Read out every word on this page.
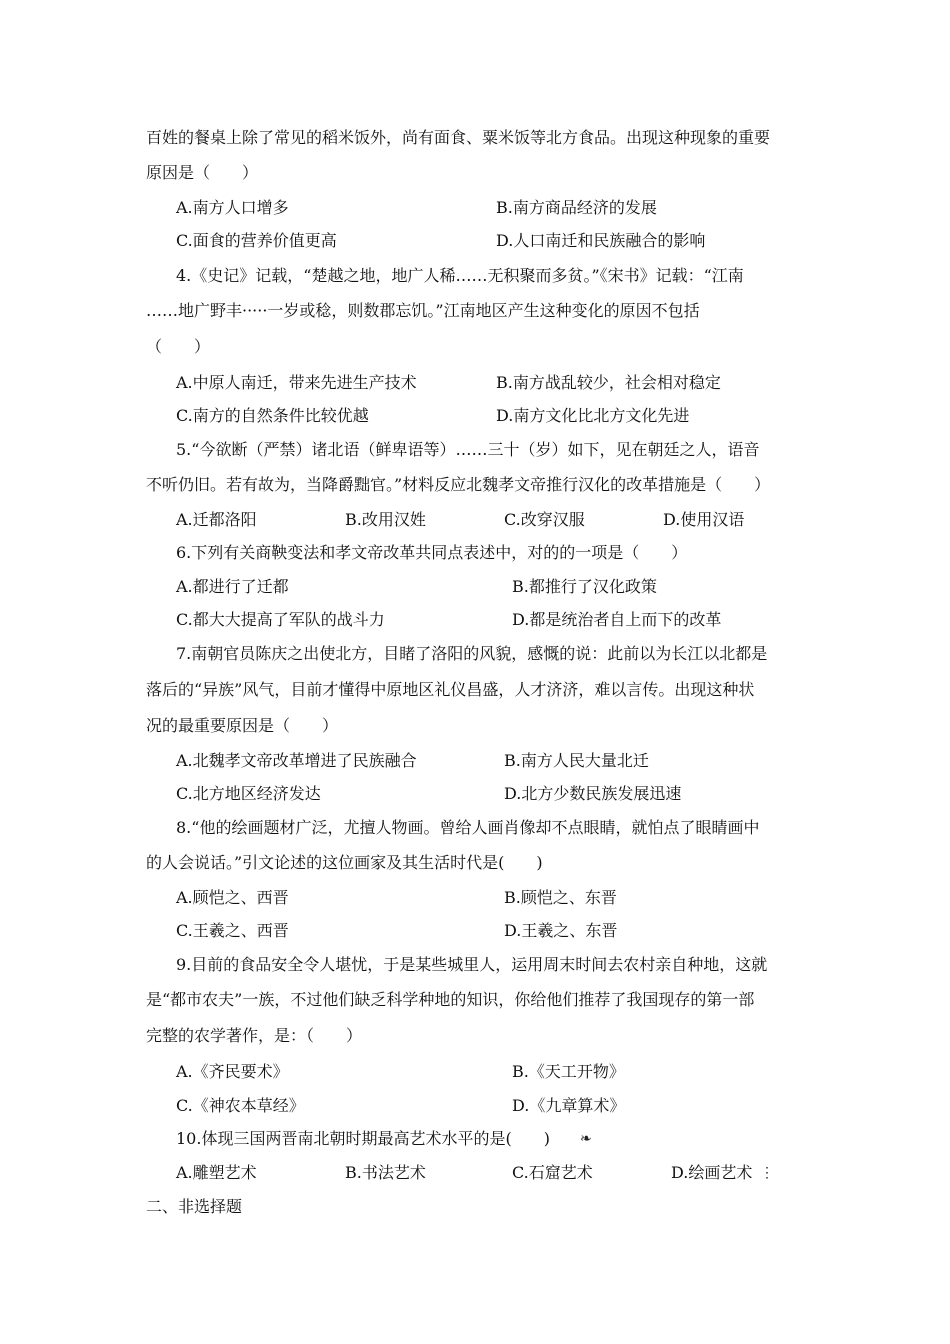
百姓的餐桌上除了常见的稻米饭外，尚有面食、粟米饭等北方食品。出现这种现象的重要
原因是（　　）
A.南方人口增多	B.南方商品经济的发展
C.面食的营养价值更高	D.人口南迁和民族融合的影响
4.《史记》记载，“楚越之地，地广人稀……无积聚而多贫。”《宋书》记载：“江南
……地广野丰·····一岁或稔，则数郡忘饥。”江南地区产生这种变化的原因不包括
（　　）
A.中原人南迁，带来先进生产技术	B.南方战乱较少，社会相对稳定
C.南方的自然条件比较优越	D.南方文化比北方文化先进
5.“今欲断（严禁）诸北语（鲜卑语等）……三十（岁）如下，见在朝廷之人，语音
不听仍旧。若有故为，当降爵黜官。”材料反应北魏孝文帝推行汉化的改革措施是（　　）
A.迁都洛阳	B.改用汉姓	C.改穿汉服	D.使用汉语
6.下列有关商鞅变法和孝文帝改革共同点表述中，对的的一项是（　　）
A.都进行了迁都	B.都推行了汉化政策
C.都大大提高了军队的战斗力	D.都是统治者自上而下的改革
7.南朝官员陈庆之出使北方，目睹了洛阳的风貌，感慨的说：此前以为长江以北都是
落后的“异族”风气，目前才懂得中原地区礼仪昌盛，人才济济，难以言传。出现这种状
况的最重要原因是（　　）
A.北魏孝文帝改革增进了民族融合	B.南方人民大量北迁
C.北方地区经济发达	D.北方少数民族发展迅速
8.“他的绘画题材广泛，尤擅人物画。曾给人画肖像却不点眼睛，就怕点了眼睛画中
的人会说话。”引文论述的这位画家及其生活时代是(　　)
A.顾恺之、西晋	B.顾恺之、东晋
C.王羲之、西晋	D.王羲之、东晋
9.目前的食品安全令人堪忧，于是某些城里人，运用周末时间去农村亲自种地，这就
是“都市农夫”一族，不过他们缺乏科学种地的知识，你给他们推荐了我国现存的第一部
完整的农学著作，是：（　　）
A.《齐民要术》	B.《天工开物》
C.《神农本草经》	D.《九章算术》
10.体现三国两晋南北朝时期最高艺术水平的是(　　) ❧
A.雕塑艺术	B.书法艺术	C.石窟艺术	D.绘画艺术 ⋮
二、非选择题
